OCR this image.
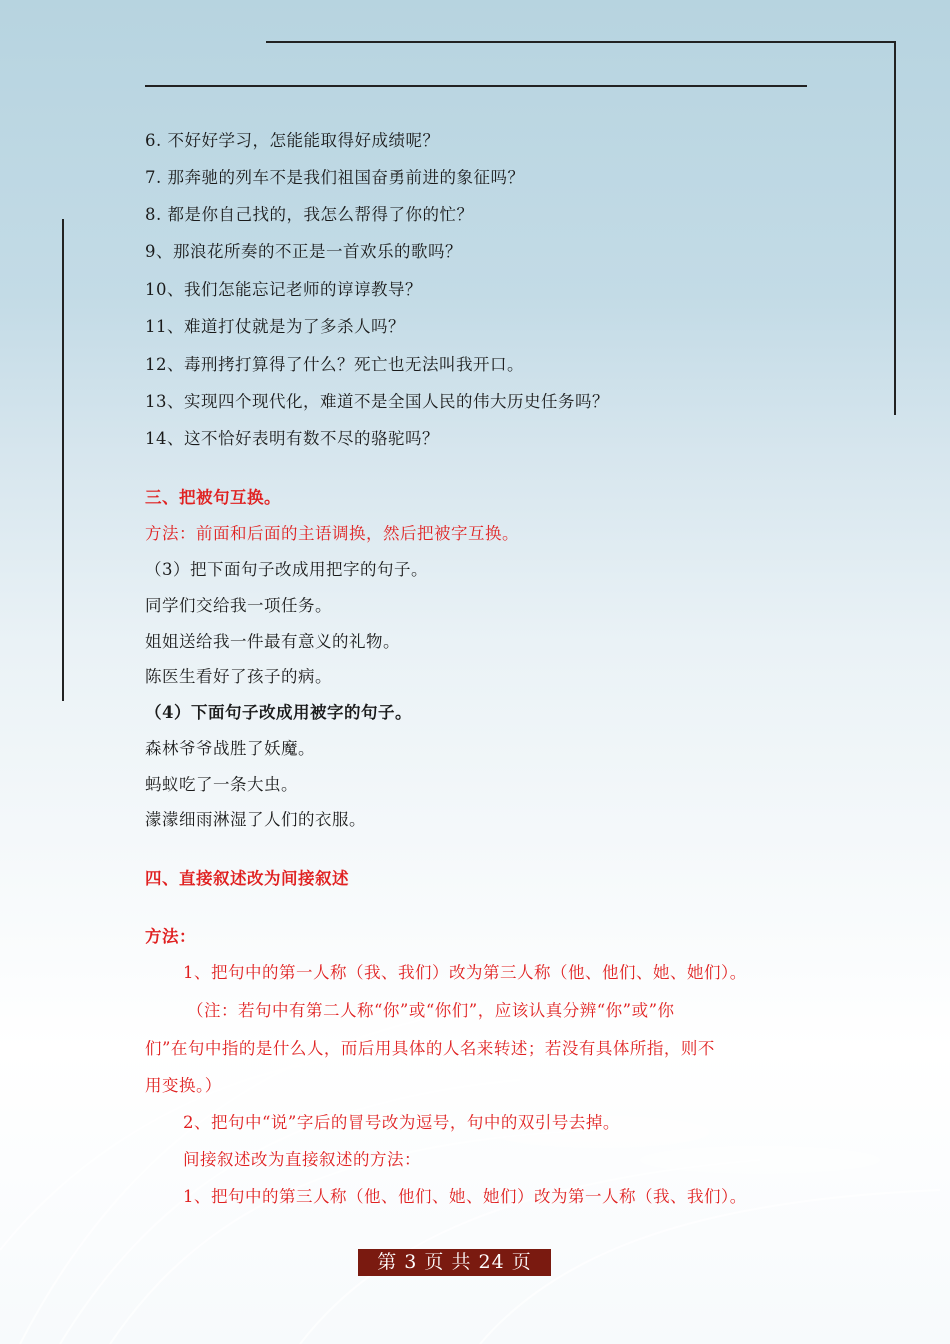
6. 不好好学习，怎能能取得好成绩呢？
7. 那奔驰的列车不是我们祖国奋勇前进的象征吗？
8. 都是你自己找的，我怎么帮得了你的忙？
9、那浪花所奏的不正是一首欢乐的歌吗？
10、我们怎能忘记老师的谆谆教导？
11、难道打仗就是为了多杀人吗？
12、毒刑拷打算得了什么？死亡也无法叫我开口。
13、实现四个现代化，难道不是全国人民的伟大历史任务吗？
14、这不恰好表明有数不尽的骆驼吗？
三、把被句互换。
方法：前面和后面的主语调换，然后把被字互换。
（3）把下面句子改成用把字的句子。
同学们交给我一项任务。
姐姐送给我一件最有意义的礼物。
陈医生看好了孩子的病。
（4）下面句子改成用被字的句子。
森林爷爷战胜了妖魔。
蚂蚁吃了一条大虫。
濛濛细雨淋湿了人们的衣服。
四、直接叙述改为间接叙述
方法：
1、把句中的第一人称（我、我们）改为第三人称（他、他们、她、她们）。
（注：若句中有第二人称“你”或“你们”，应该认真分辨“你”或”你
们”在句中指的是什么人，而后用具体的人名来转述；若没有具体所指，则不
用变换。）
2、把句中“说”字后的冒号改为逗号，句中的双引号去掉。
间接叙述改为直接叙述的方法：
1、把句中的第三人称（他、他们、她、她们）改为第一人称（我、我们）。
第 3 页 共 24 页
